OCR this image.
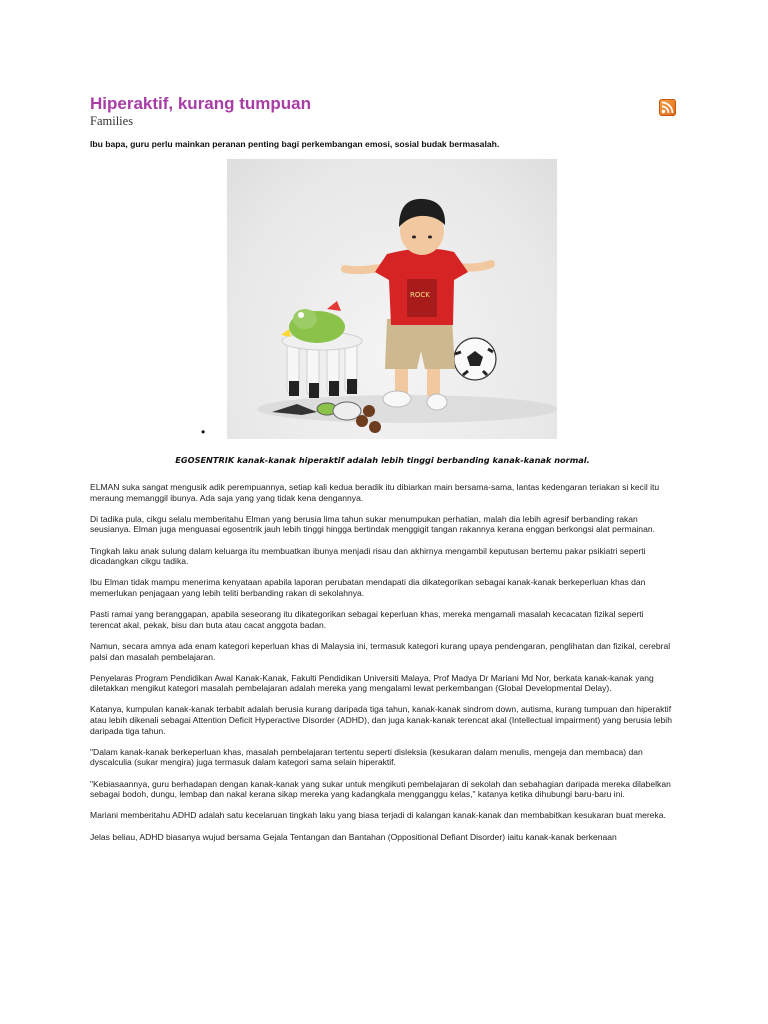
Hiperaktif, kurang tumpuan
Families

Ibu bapa, guru perlu mainkan peranan penting bagi perkembangan emosi, sosial budak bermasalah.

ROCK
•

EGOSENTRIK kanak-kanak hiperaktif adalah lebih tinggi berbanding kanak-kanak normal.

ELMAN suka sangat mengusik adik perempuannya, setiap kali kedua beradik itu dibiarkan main bersama-sama, lantas kedengaran teriakan si kecil itu meraung memanggil ibunya. Ada saja yang yang tidak kena dengannya.

Di tadika pula, cikgu selalu memberitahu Elman yang berusia lima tahun sukar menumpukan perhatian, malah dia lebih agresif berbanding rakan seusianya. Elman juga menguasai egosentrik jauh lebih tinggi hingga bertindak menggigit tangan rakannya kerana enggan berkongsi alat permainan.

Tingkah laku anak sulung dalam keluarga itu membuatkan ibunya menjadi risau dan akhirnya mengambil keputusan bertemu pakar psikiatri seperti dicadangkan cikgu tadika.

Ibu Elman tidak mampu menerima kenyataan apabila laporan perubatan mendapati dia dikategorikan sebagai kanak-kanak berkeperluan khas dan memerlukan penjagaan yang lebih teliti berbanding rakan di sekolahnya.

Pasti ramai yang beranggapan, apabila seseorang itu dikategorikan sebagai keperluan khas, mereka mengamali masalah kecacatan fizikal seperti terencat akal, pekak, bisu dan buta atau cacat anggota badan.

Namun, secara amnya ada enam kategori keperluan khas di Malaysia ini, termasuk kategori kurang upaya pendengaran, penglihatan dan fizikal, cerebral palsi dan masalah pembelajaran.

Penyelaras Program Pendidikan Awal Kanak-Kanak, Fakulti Pendidikan Universiti Malaya, Prof Madya Dr Mariani Md Nor, berkata kanak-kanak yang diletakkan mengikut kategori masalah pembelajaran adalah mereka yang mengalami lewat perkembangan (Global Developmental Delay).

Katanya, kumpulan kanak-kanak terbabit adalah berusia kurang daripada tiga tahun, kanak-kanak sindrom down, autisma, kurang tumpuan dan hiperaktif atau lebih dikenali sebagai Attention Deficit Hyperactive Disorder (ADHD), dan juga kanak-kanak terencat akal (Intellectual impairment) yang berusia lebih daripada tiga tahun.

"Dalam kanak-kanak berkeperluan khas, masalah pembelajaran tertentu seperti disleksia (kesukaran dalam menulis, mengeja dan membaca) dan dyscalculia (sukar mengira) juga termasuk dalam kategori sama selain hiperaktif.

"Kebiasaannya, guru berhadapan dengan kanak-kanak yang sukar untuk mengikuti pembelajaran di sekolah dan sebahagian daripada mereka dilabelkan sebagai bodoh, dungu, lembap dan nakal kerana sikap mereka yang kadangkala mengganggu kelas," katanya ketika dihubungi baru-baru ini.

Mariani memberitahu ADHD adalah satu kecelaruan tingkah laku yang biasa terjadi di kalangan kanak-kanak dan membabitkan kesukaran buat mereka.

Jelas beliau, ADHD biasanya wujud bersama Gejala Tentangan dan Bantahan (Oppositional Defiant Disorder) iaitu kanak-kanak berkenaan
